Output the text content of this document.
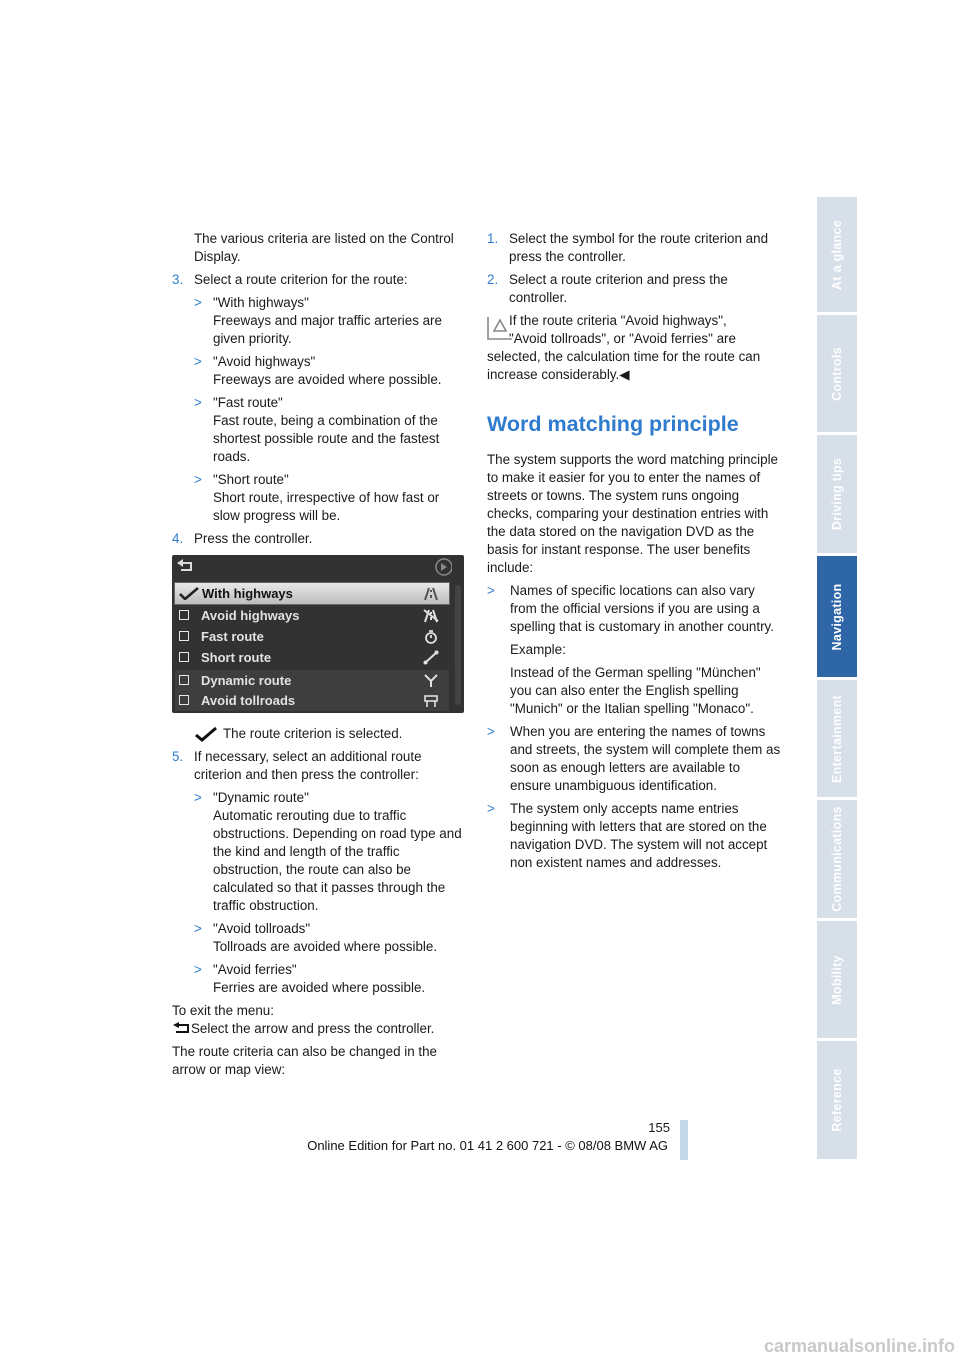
The various criteria are listed on the Control Display.

3. Select a route criterion for the route:
> "With highways"
Freeways and major traffic arteries are given priority.
> "Avoid highways"
Freeways are avoided where possible.
> "Fast route"
Fast route, being a combination of the shortest possible route and the fastest roads.
> "Short route"
Short route, irrespective of how fast or slow progress will be.
4. Press the controller.
With highways
Avoid highways
Fast route
Short route
Dynamic route
Avoid tollroads
The route criterion is selected.
5. If necessary, select an additional route criterion and then press the controller:
> "Dynamic route"
Automatic rerouting due to traffic obstructions. Depending on road type and the kind and length of the traffic obstruction, the route can also be calculated so that it passes through the traffic obstruction.
> "Avoid tollroads"
Tollroads are avoided where possible.
> "Avoid ferries"
Ferries are avoided where possible.

To exit the menu:

Select the arrow and press the controller.

The route criteria can also be changed in the arrow or map view:

1. Select the symbol for the route criterion and press the controller.
2. Select a route criterion and press the controller.
If the route criteria "Avoid highways",
"Avoid tollroads", or "Avoid ferries" are
selected, the calculation time for the route can increase considerably.◀
Word matching principle

The system supports the word matching principle to make it easier for you to enter the names of streets or towns. The system runs ongoing checks, comparing your destination entries with the data stored on the navigation DVD as the basis for instant response. The user benefits include:

>	Names of specific locations can also vary from the official versions if you are using a spelling that is customary in another country.
Example:
Instead of the German spelling "München" you can also enter the English spelling "Munich" or the Italian spelling "Monaco".
>	When you are entering the names of towns and streets, the system will complete them as soon as enough letters are available to ensure unambiguous identification.
>	The system only accepts name entries beginning with letters that are stored on the navigation DVD. The system will not accept non existent names and addresses.
At a glance
Controls
Driving tips
Navigation
Entertainment
Communications
Mobility
Reference
155
Online Edition for Part no. 01 41 2 600 721 - © 08/08 BMW AG
carmanualsonline.info
